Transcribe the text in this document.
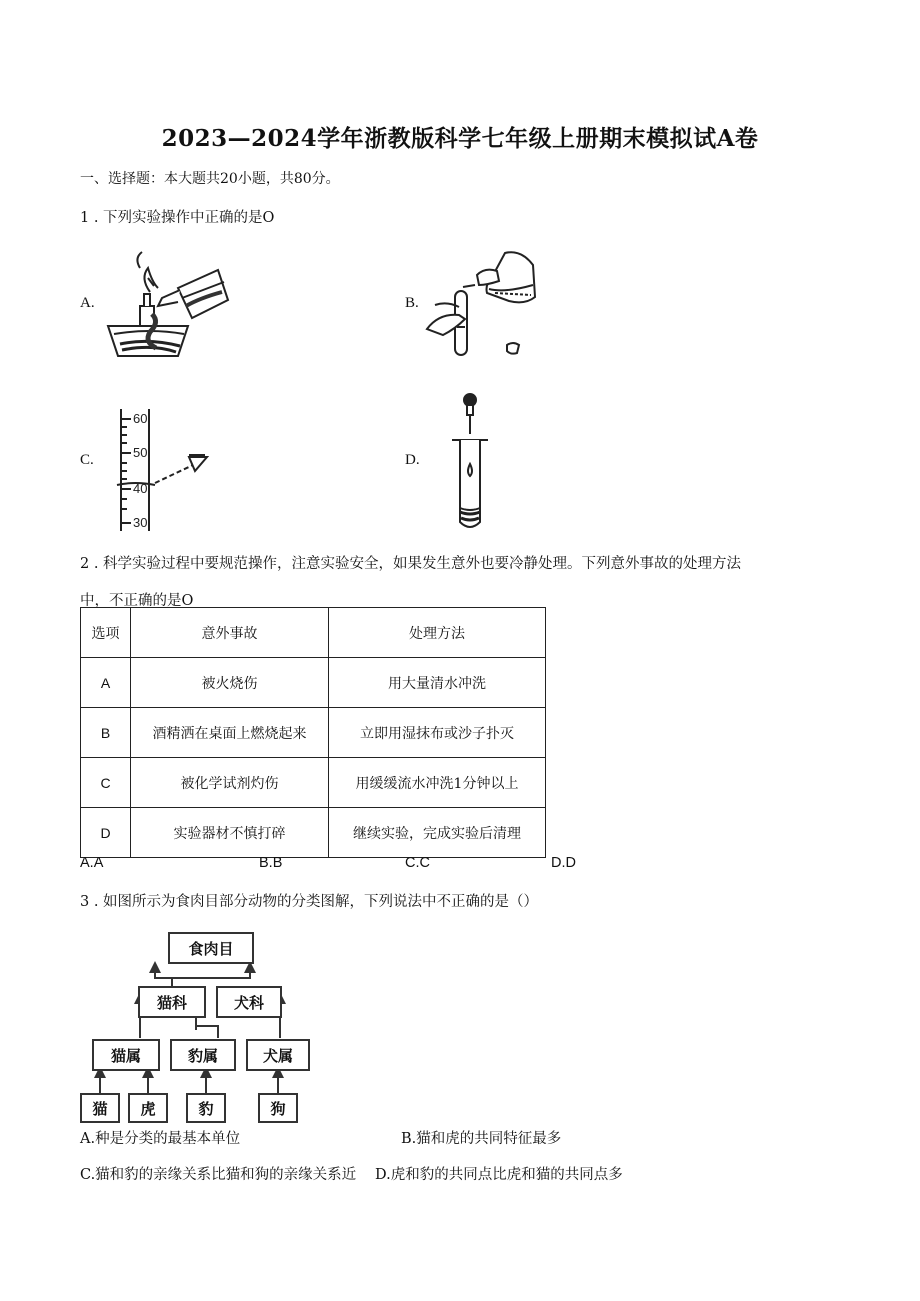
2023—2024学年浙教版科学七年级上册期末模拟试A卷
一、选择题：本大题共20小题，共80分。
1 . 下列实验操作中正确的是O
A.	B.
C.	D.
60
50
40
30
2 . 科学实验过程中要规范操作，注意实验安全，如果发生意外也要冷静处理。下列意外事故的处理方法
中，不正确的是O
选项	意外事故	处理方法
A	被火烧伤	用大量清水冲洗
B	酒精洒在桌面上燃烧起来	立即用湿抹布或沙子扑灭
C	被化学试剂灼伤	用缓缓流水冲洗1分钟以上
D	实验器材不慎打碎	继续实验，完成实验后清理
A.A	B.B	C.C	D.D
3 . 如图所示为食肉目部分动物的分类图解，下列说法中不正确的是（）
食肉目
猫科	犬科
猫属	豹属	犬属
猫	虎	豹	狗
A.种是分类的最基本单位	B.猫和虎的共同特征最多
C.猫和豹的亲缘关系比猫和狗的亲缘关系近 D.虎和豹的共同点比虎和猫的共同点多
